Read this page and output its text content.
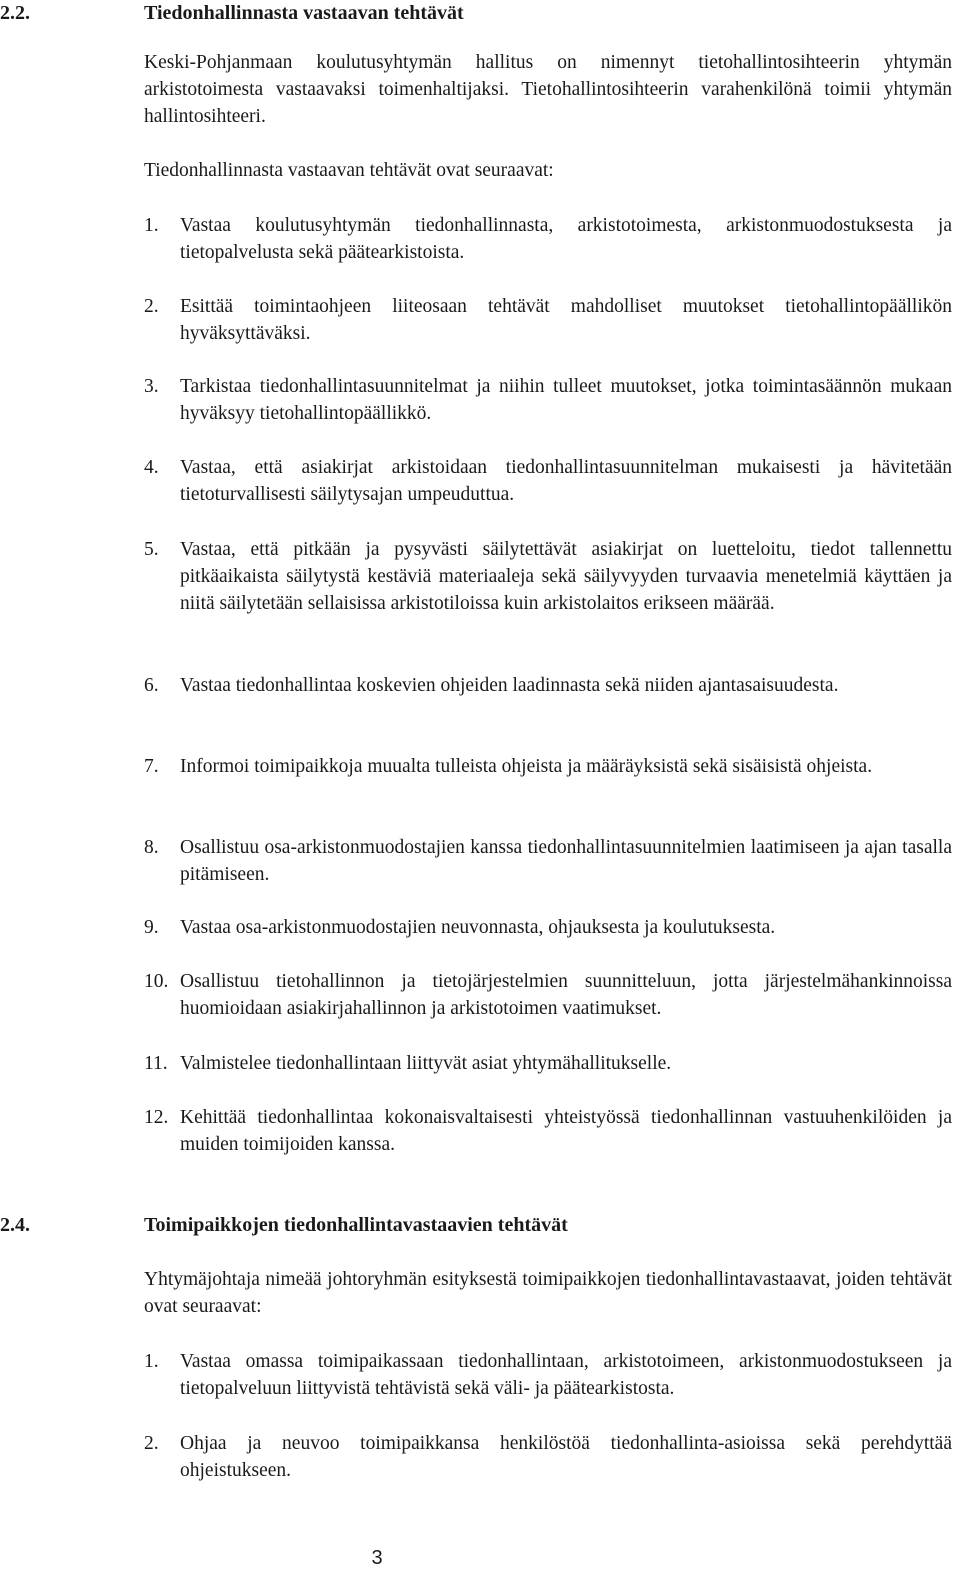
2.2.	Tiedonhallinnasta vastaavan tehtävät
Keski-Pohjanmaan koulutusyhtymän hallitus on nimennyt tietohallintosihteerin yhtymän arkistotoimesta vastaavaksi toimenhaltijaksi. Tietohallintosihteerin varahenkilönä toimii yhtymän hallintosihteeri.
Tiedonhallinnasta vastaavan tehtävät ovat seuraavat:
1. Vastaa koulutusyhtymän tiedonhallinnasta, arkistotoimesta, arkistonmuodostuksesta ja tietopalvelusta sekä päätearkistoista.
2. Esittää toimintaohjeen liiteosaan tehtävät mahdolliset muutokset tietohallintopäällikön hyväksyttäväksi.
3. Tarkistaa tiedonhallintasuunnitelmat ja niihin tulleet muutokset, jotka toimintasäännön mukaan hyväksyy tietohallintopäällikkö.
4. Vastaa, että asiakirjat arkistoidaan tiedonhallintasuunnitelman mukaisesti ja hävitetään tietoturvallisesti säilytysajan umpeuduttua.
5. Vastaa, että pitkään ja pysyvästi säilytettävät asiakirjat on luetteloitu, tiedot tallennettu pitkäaikaista säilytystä kestäviä materiaaleja sekä säilyvyyden turvaavia menetelmiä käyttäen ja niitä säilytetään sellaisissa arkistotiloissa kuin arkistolaitos erikseen määrää.
6. Vastaa tiedonhallintaa koskevien ohjeiden laadinnasta sekä niiden ajantasaisuudesta.
7. Informoi toimipaikkoja muualta tulleista ohjeista ja määräyksistä sekä sisäisistä ohjeista.
8. Osallistuu osa-arkistonmuodostajien kanssa tiedonhallintasuunnitelmien laatimiseen ja ajan tasalla pitämiseen.
9. Vastaa osa-arkistonmuodostajien neuvonnasta, ohjauksesta ja koulutuksesta.
10. Osallistuu tietohallinnon ja tietojärjestelmien suunnitteluun, jotta järjestelmähankinnoissa huomioidaan asiakirjahallinnon ja arkistotoimen vaatimukset.
11. Valmistelee tiedonhallintaan liittyvät asiat yhtymähallitukselle.
12. Kehittää tiedonhallintaa kokonaisvaltaisesti yhteistyössä tiedonhallinnan vastuuhenkilöiden ja muiden toimijoiden kanssa.
2.4.	Toimipaikkojen tiedonhallintavastaavien tehtävät
Yhtymäjohtaja nimeää johtoryhmän esityksestä toimipaikkojen tiedonhallintavastaavat, joiden tehtävät ovat seuraavat:
1. Vastaa omassa toimipaikassaan tiedonhallintaan, arkistotoimeen, arkistonmuodostukseen ja tietopalveluun liittyvistä tehtävistä sekä väli- ja päätearkistosta.
2. Ohjaa ja neuvoo toimipaikkansa henkilöstöä tiedonhallinta-asioissa sekä perehdyttää ohjeistukseen.
3
